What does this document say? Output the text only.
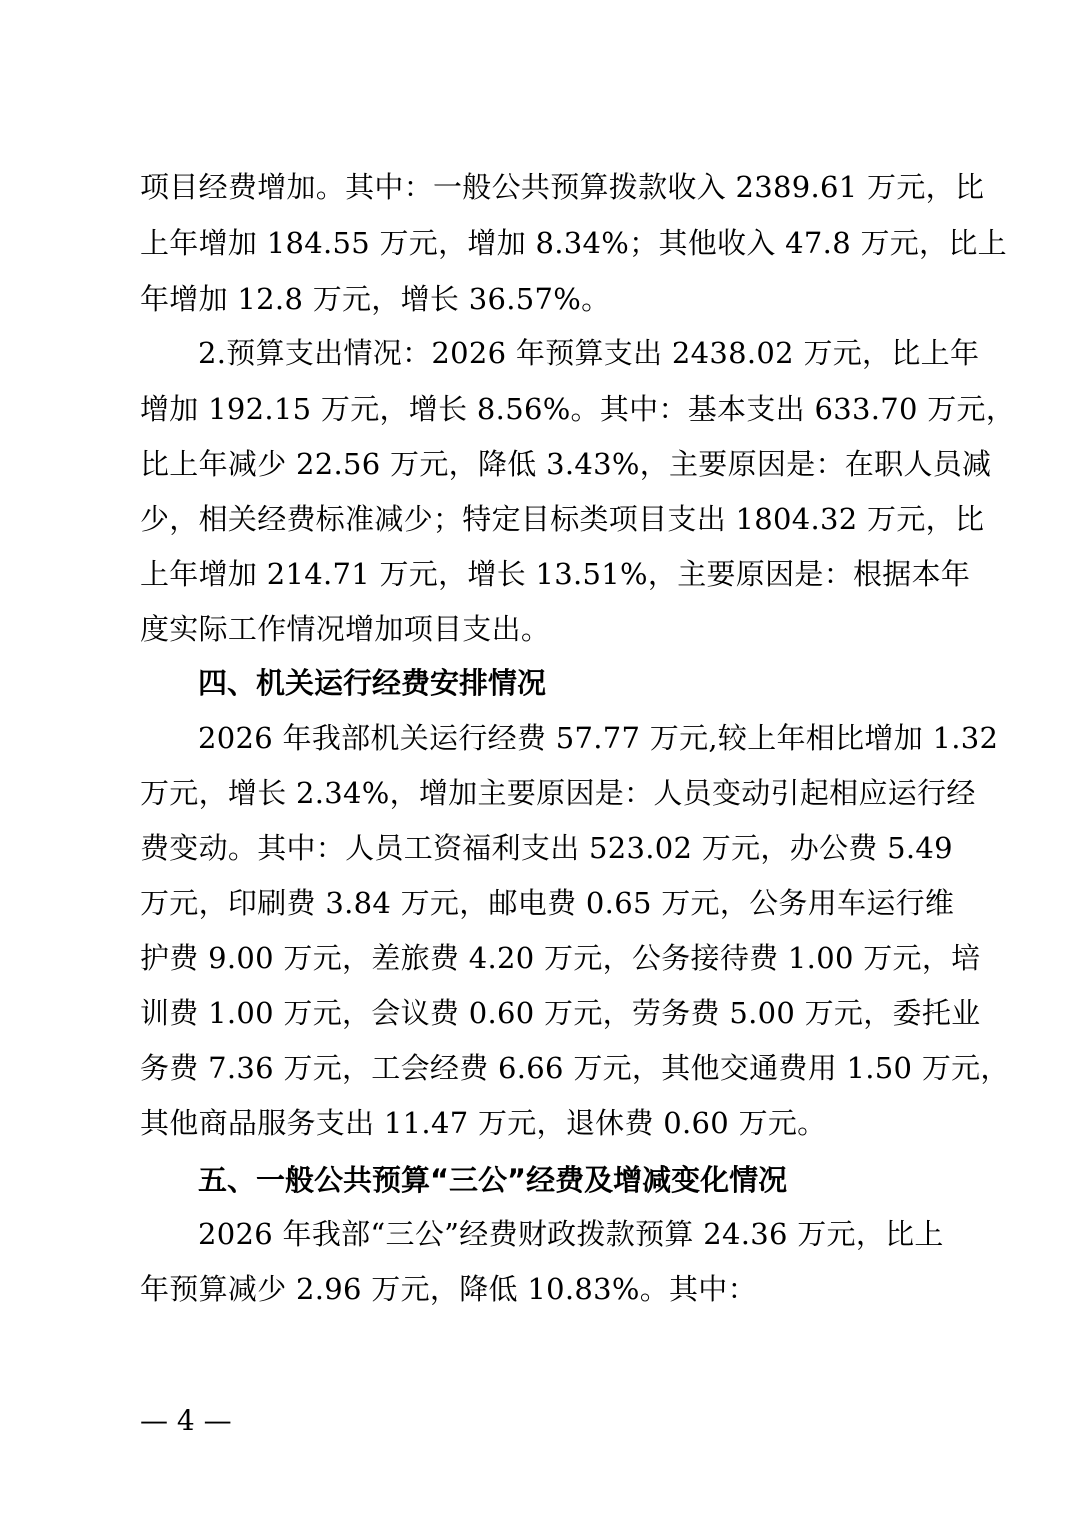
项目经费增加。其中：一般公共预算拨款收入 2389.61 万元，比
上年增加 184.55 万元，增加 8.34%；其他收入 47.8 万元，比上
年增加 12.8 万元，增长 36.57%。
2.预算支出情况：2026 年预算支出 2438.02 万元，比上年
增加 192.15 万元，增长 8.56%。其中：基本支出 633.70 万元，
比上年减少 22.56 万元，降低 3.43%，主要原因是：在职人员减
少，相关经费标准减少；特定目标类项目支出 1804.32 万元，比
上年增加 214.71 万元，增长 13.51%，主要原因是：根据本年
度实际工作情况增加项目支出。
四、机关运行经费安排情况
2026 年我部机关运行经费 57.77 万元,较上年相比增加 1.32
万元，增长 2.34%，增加主要原因是：人员变动引起相应运行经
费变动。其中：人员工资福利支出 523.02 万元，办公费 5.49
万元，印刷费 3.84 万元，邮电费 0.65 万元，公务用车运行维
护费 9.00 万元，差旅费 4.20 万元，公务接待费 1.00 万元，培
训费 1.00 万元，会议费 0.60 万元，劳务费 5.00 万元，委托业
务费 7.36 万元，工会经费 6.66 万元，其他交通费用 1.50 万元，
其他商品服务支出 11.47 万元，退休费 0.60 万元。
五、一般公共预算“三公”经费及增减变化情况
2026 年我部“三公”经费财政拨款预算 24.36 万元，比上
年预算减少 2.96 万元，降低 10.83%。其中：
— 4 —
